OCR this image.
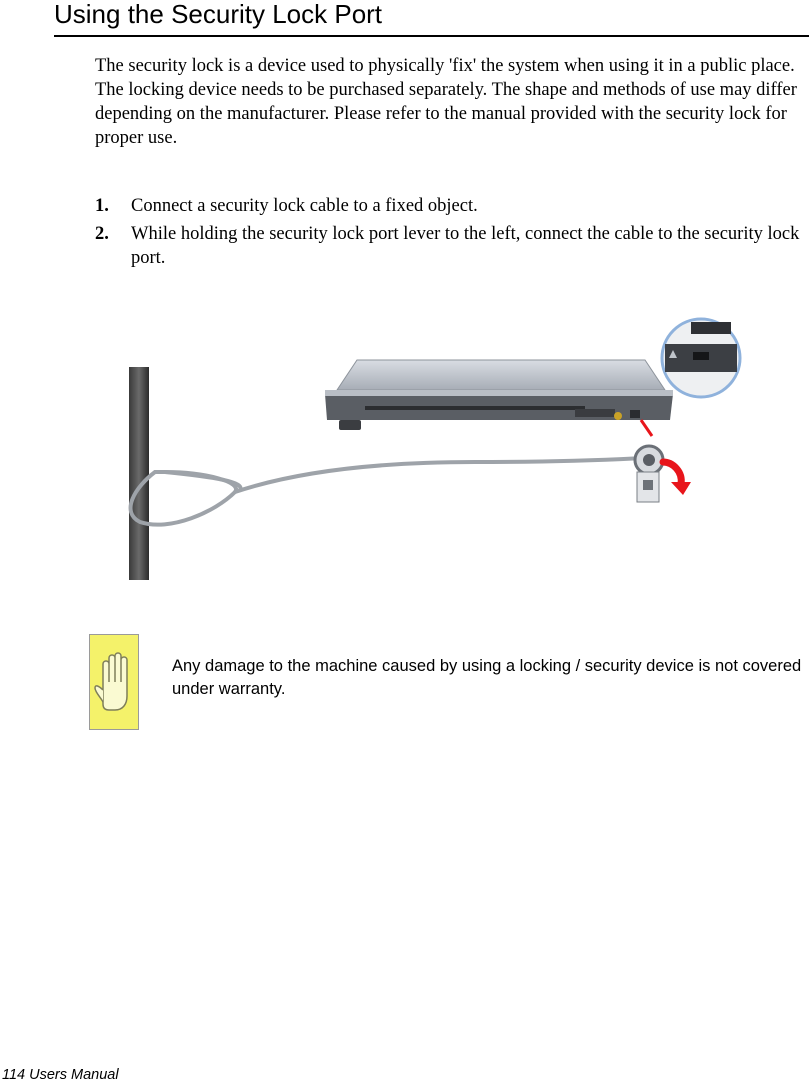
Using the Security Lock Port

The security lock is a device used to physically 'fix' the system when using it in a public place. The locking device needs to be purchased separately. The shape and methods of use may differ depending on the manufacturer. Please refer to the manual provided with the security lock for proper use.

1. Connect a security lock cable to a fixed object.
2. While holding the security lock port lever to the left, connect the cable to the security lock port.

Any damage to the machine caused by using a locking / security device is not covered under warranty.

114 Users Manual
